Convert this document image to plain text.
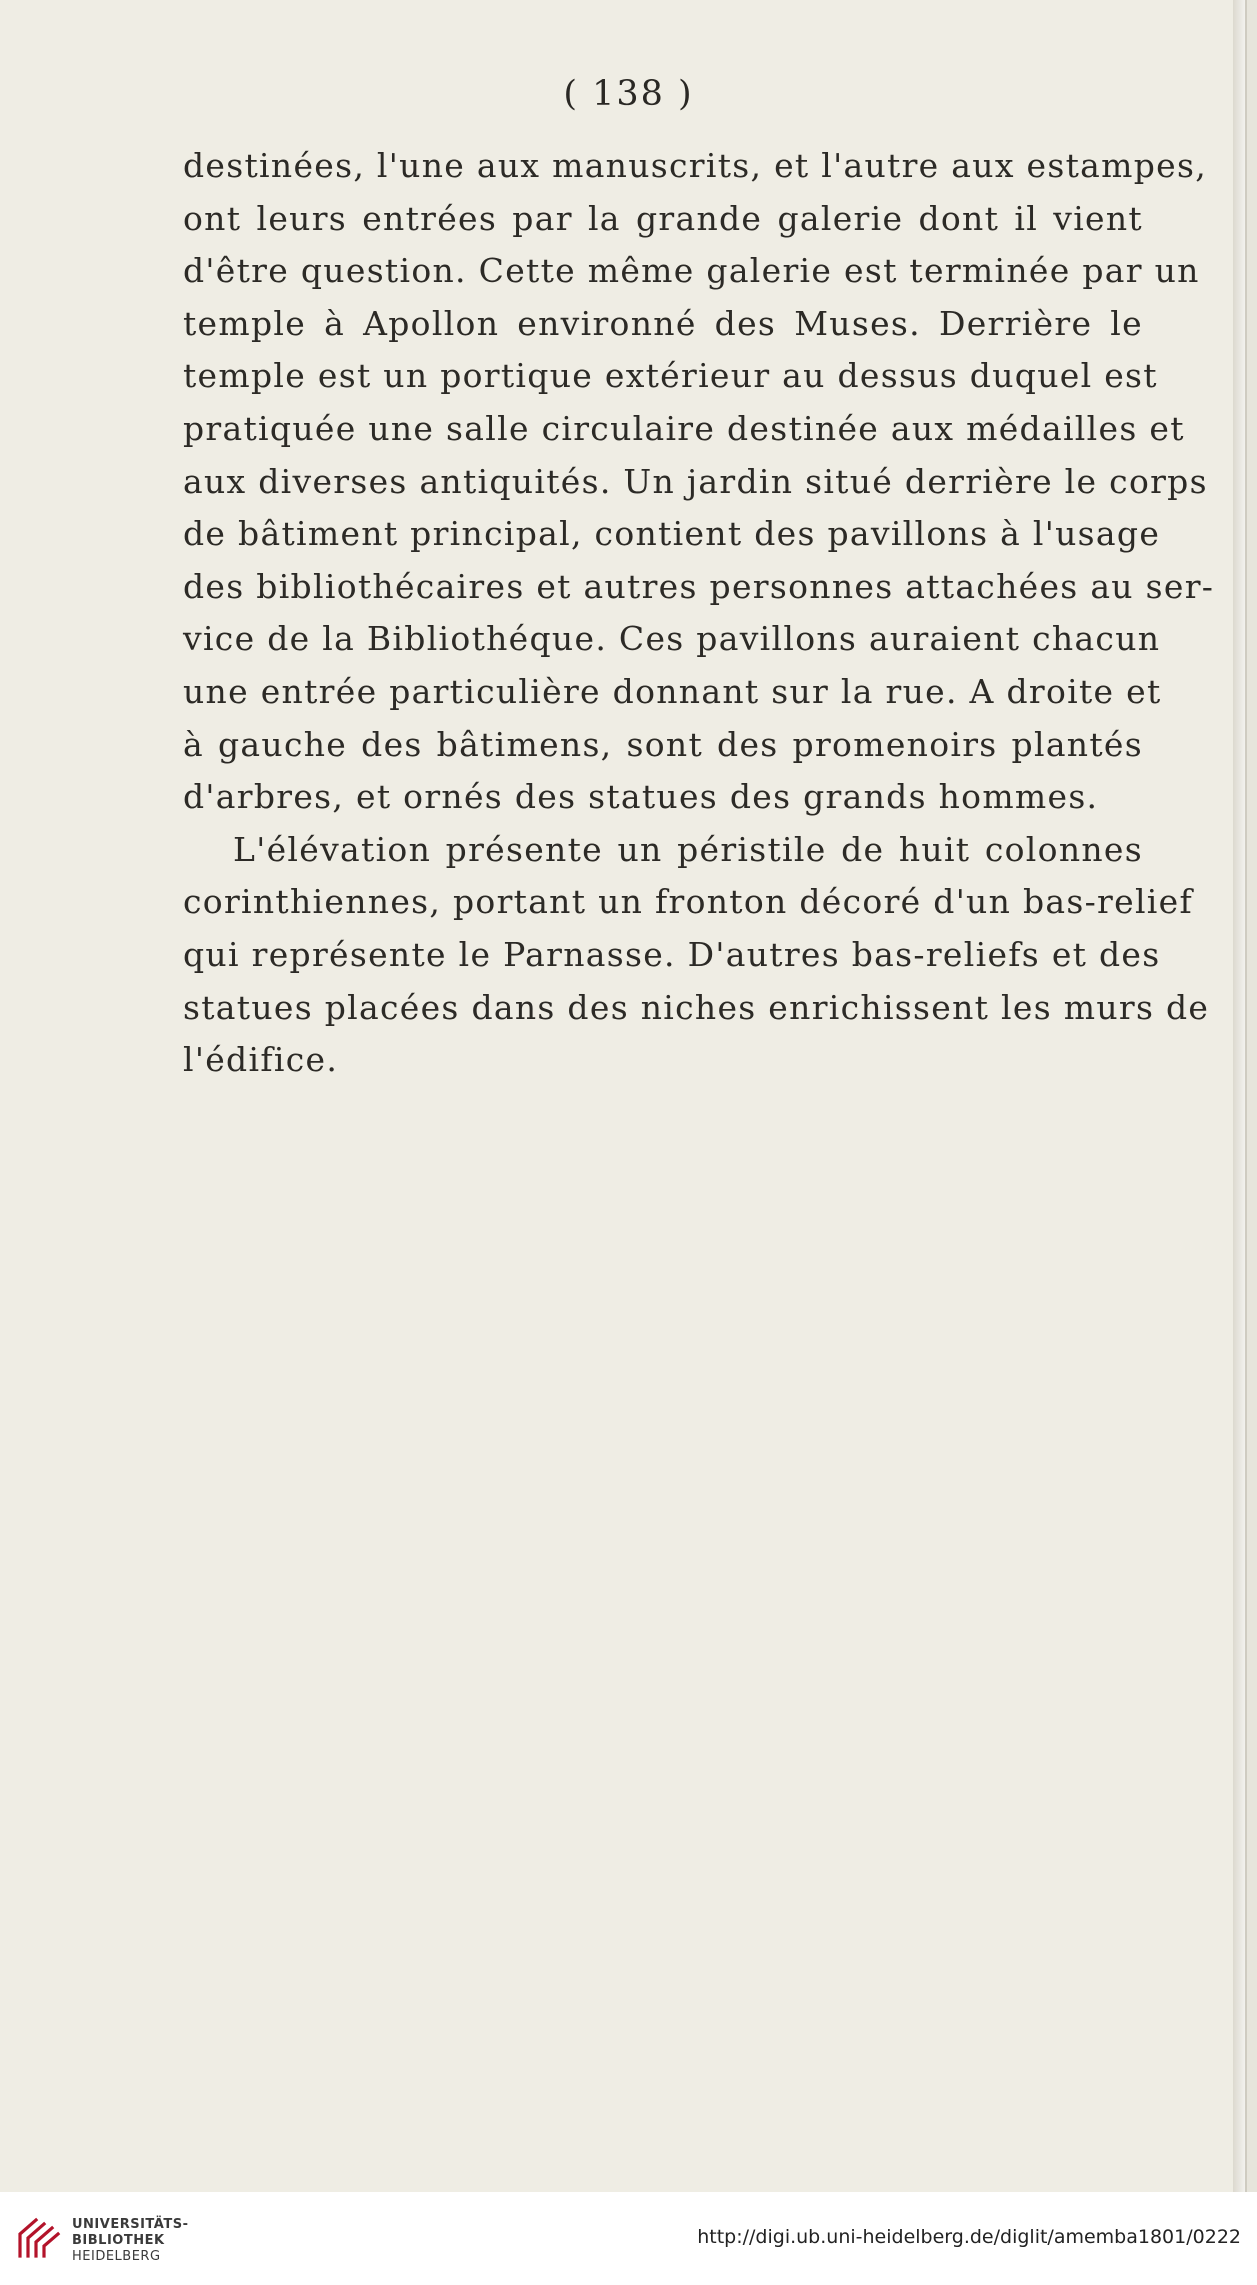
( 138 )
destinées, l'une aux manuscrits, et l'autre aux estampes,
ont leurs entrées par la grande galerie dont il vient
d'être question. Cette même galerie est terminée par un
temple à Apollon environné des Muses. Derrière le
temple est un portique extérieur au dessus duquel est
pratiquée une salle circulaire destinée aux médailles et
aux diverses antiquités. Un jardin situé derrière le corps
de bâtiment principal, contient des pavillons à l'usage
des bibliothécaires et autres personnes attachées au ser-
vice de la Bibliothéque. Ces pavillons auraient chacun
une entrée particulière donnant sur la rue. A droite et
à gauche des bâtimens, sont des promenoirs plantés
d'arbres, et ornés des statues des grands hommes.
L'élévation présente un péristile de huit colonnes
corinthiennes, portant un fronton décoré d'un bas-relief
qui représente le Parnasse. D'autres bas-reliefs et des
statues placées dans des niches enrichissent les murs de
l'édifice.
UNIVERSITÄTS-
BIBLIOTHEK
HEIDELBERG
http://digi.ub.uni-heidelberg.de/diglit/amemba1801/0222
